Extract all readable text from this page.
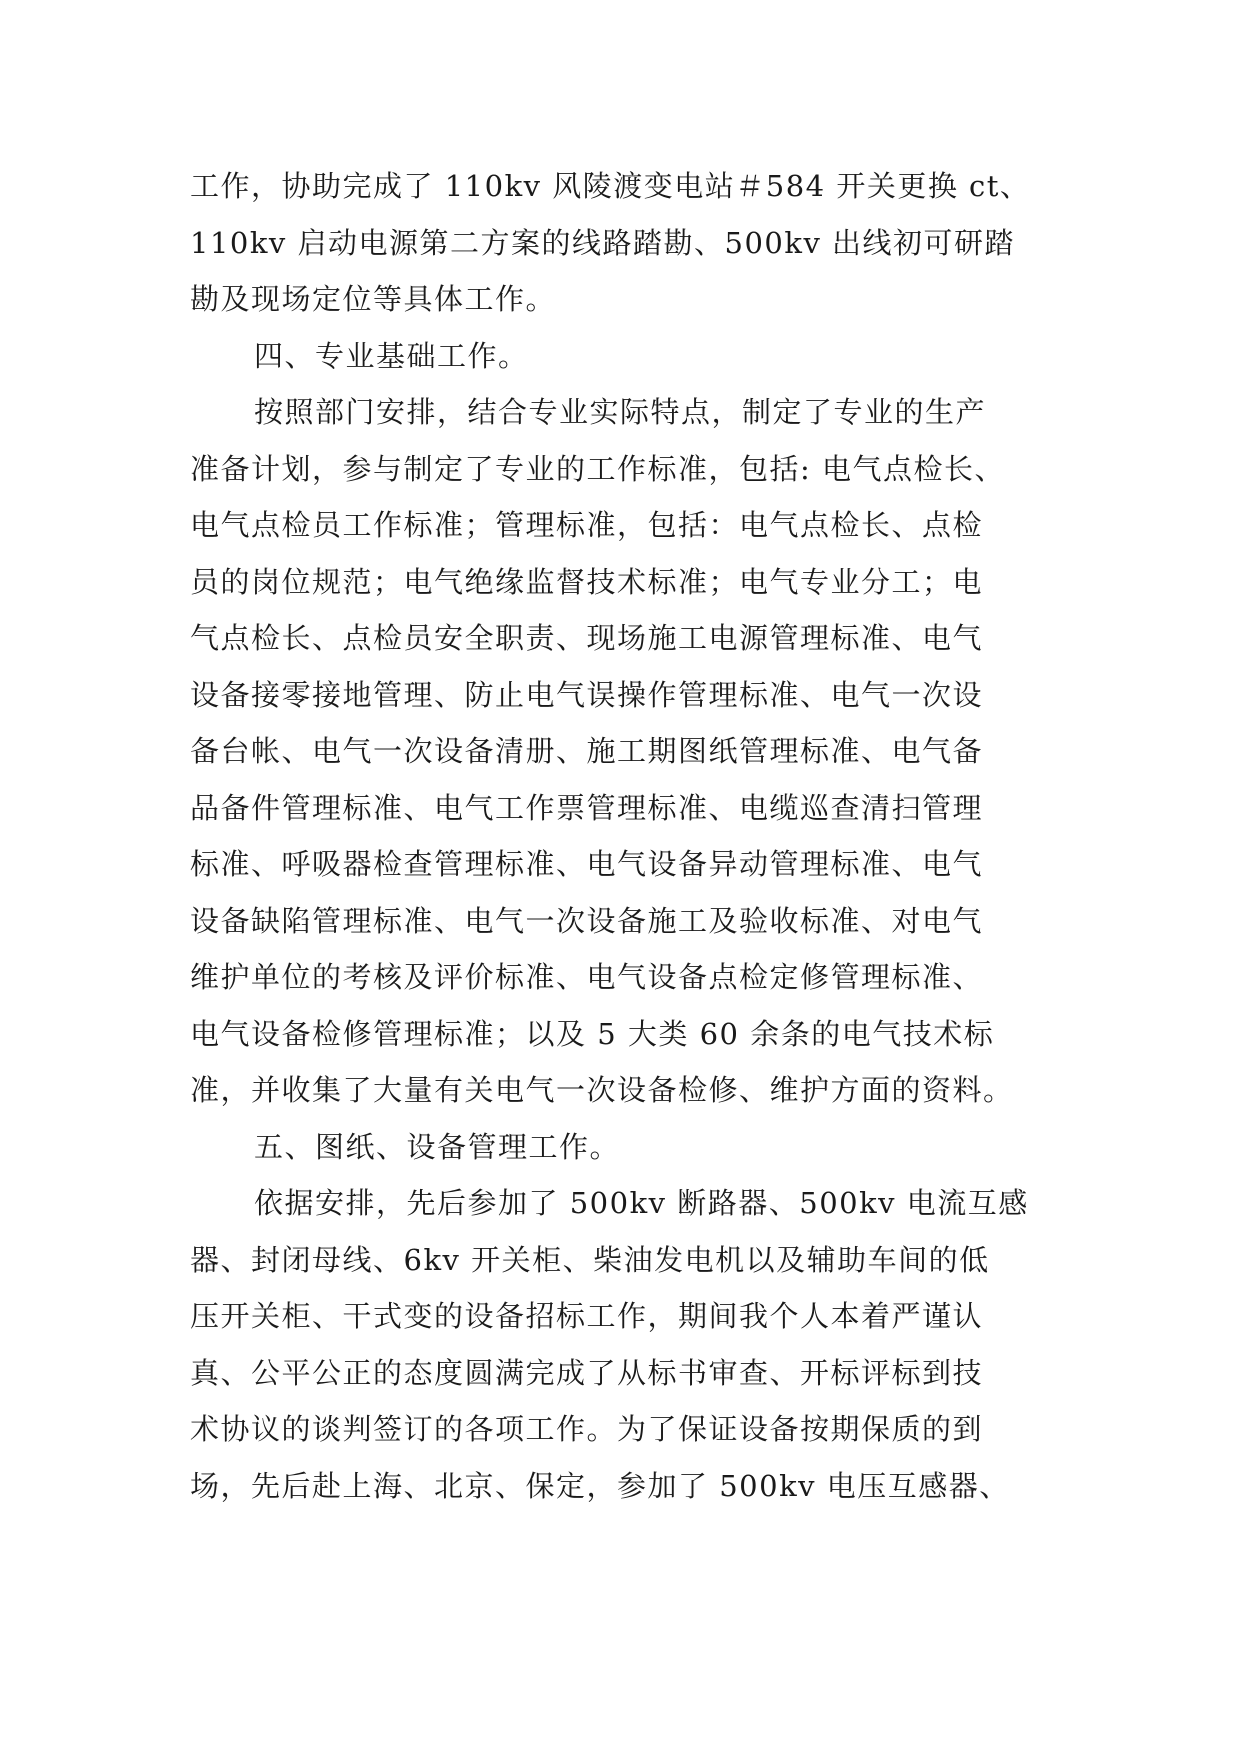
工作，协助完成了 110kv 风陵渡变电站＃584 开关更换 ct、
110kv 启动电源第二方案的线路踏勘、500kv 出线初可研踏
勘及现场定位等具体工作。
四、专业基础工作。
按照部门安排，结合专业实际特点，制定了专业的生产
准备计划，参与制定了专业的工作标准，包括: 电气点检长、
电气点检员工作标准；管理标准，包括：电气点检长、点检
员的岗位规范；电气绝缘监督技术标准；电气专业分工；电
气点检长、点检员安全职责、现场施工电源管理标准、电气
设备接零接地管理、防止电气误操作管理标准、电气一次设
备台帐、电气一次设备清册、施工期图纸管理标准、电气备
品备件管理标准、电气工作票管理标准、电缆巡查清扫管理
标准、呼吸器检查管理标准、电气设备异动管理标准、电气
设备缺陷管理标准、电气一次设备施工及验收标准、对电气
维护单位的考核及评价标准、电气设备点检定修管理标准、
电气设备检修管理标准；以及 5 大类 60 余条的电气技术标
准，并收集了大量有关电气一次设备检修、维护方面的资料。
五、图纸、设备管理工作。
依据安排，先后参加了 500kv 断路器、500kv 电流互感
器、封闭母线、6kv 开关柜、柴油发电机以及辅助车间的低
压开关柜、干式变的设备招标工作，期间我个人本着严谨认
真、公平公正的态度圆满完成了从标书审查、开标评标到技
术协议的谈判签订的各项工作。为了保证设备按期保质的到
场，先后赴上海、北京、保定，参加了 500kv 电压互感器、
